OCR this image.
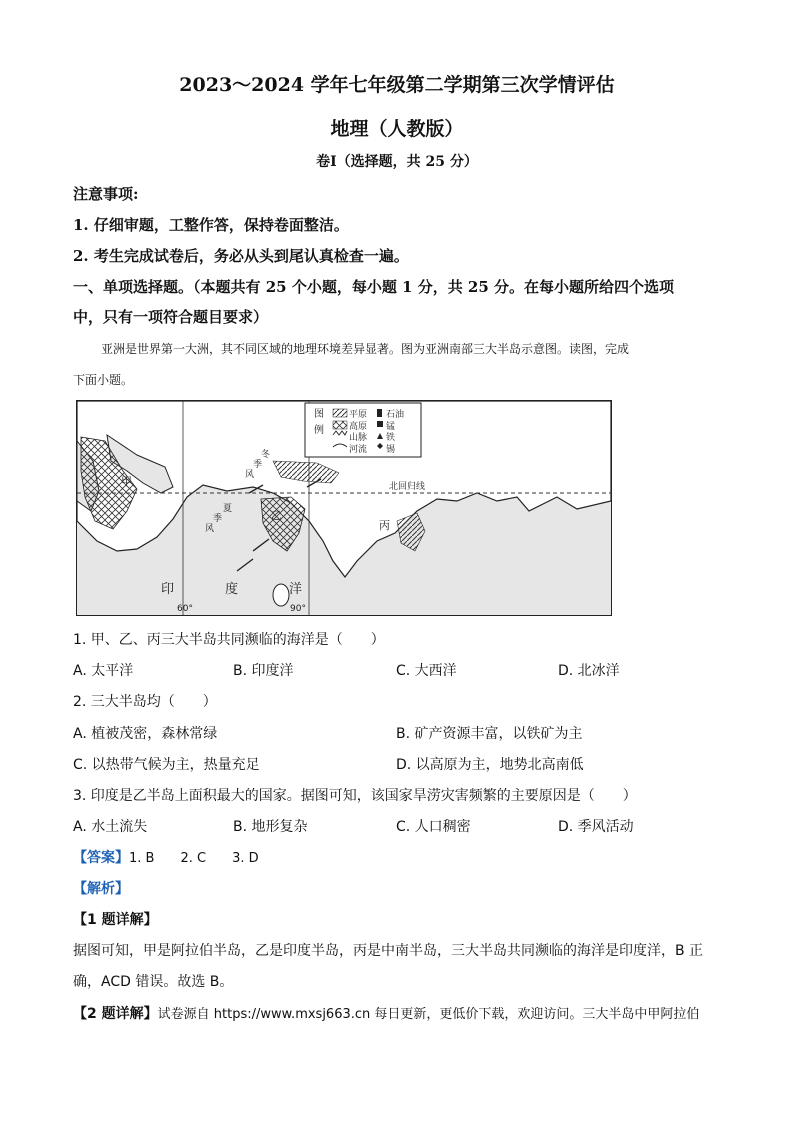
2023～2024 学年七年级第二学期第三次学情评估
地理（人教版）
卷Ⅰ（选择题，共 25 分）
注意事项:
1. 仔细审题，工整作答，保持卷面整洁。
2. 考生完成试卷后，务必从头到尾认真检查一遍。
一、单项选择题。（本题共有 25 个小题，每小题 1 分，共 25 分。在每小题所给四个选项
中，只有一项符合题目要求）
亚洲是世界第一大洲，其不同区域的地理环境差异显著。图为亚洲南部三大半岛示意图。读图，完成
下面小题。
图
例
平原
高原
山脉
河流
石油
锰
铁
锡
甲
乙
丙
北回归线
印	度	洋
60°	90°
冬
季
风
夏
季
风
1. 甲、乙、丙三大半岛共同濒临的海洋是（　　）
A. 太平洋	B. 印度洋	C. 大西洋	D. 北冰洋
2. 三大半岛均（　　）
A. 植被茂密，森林常绿	B. 矿产资源丰富，以铁矿为主
C. 以热带气候为主，热量充足	D. 以高原为主，地势北高南低
3. 印度是乙半岛上面积最大的国家。据图可知，该国家旱涝灾害频繁的主要原因是（　　）
A. 水土流失	B. 地形复杂	C. 人口稠密	D. 季风活动
【答案】1. B　　2. C　　3. D
【解析】
【1 题详解】
据图可知，甲是阿拉伯半岛，乙是印度半岛，丙是中南半岛，三大半岛共同濒临的海洋是印度洋，B 正
确，ACD 错误。故选 B。
【2 题详解】试卷源自 https://www.mxsj663.cn 每日更新，更低价下载，欢迎访问。三大半岛中甲阿拉伯
